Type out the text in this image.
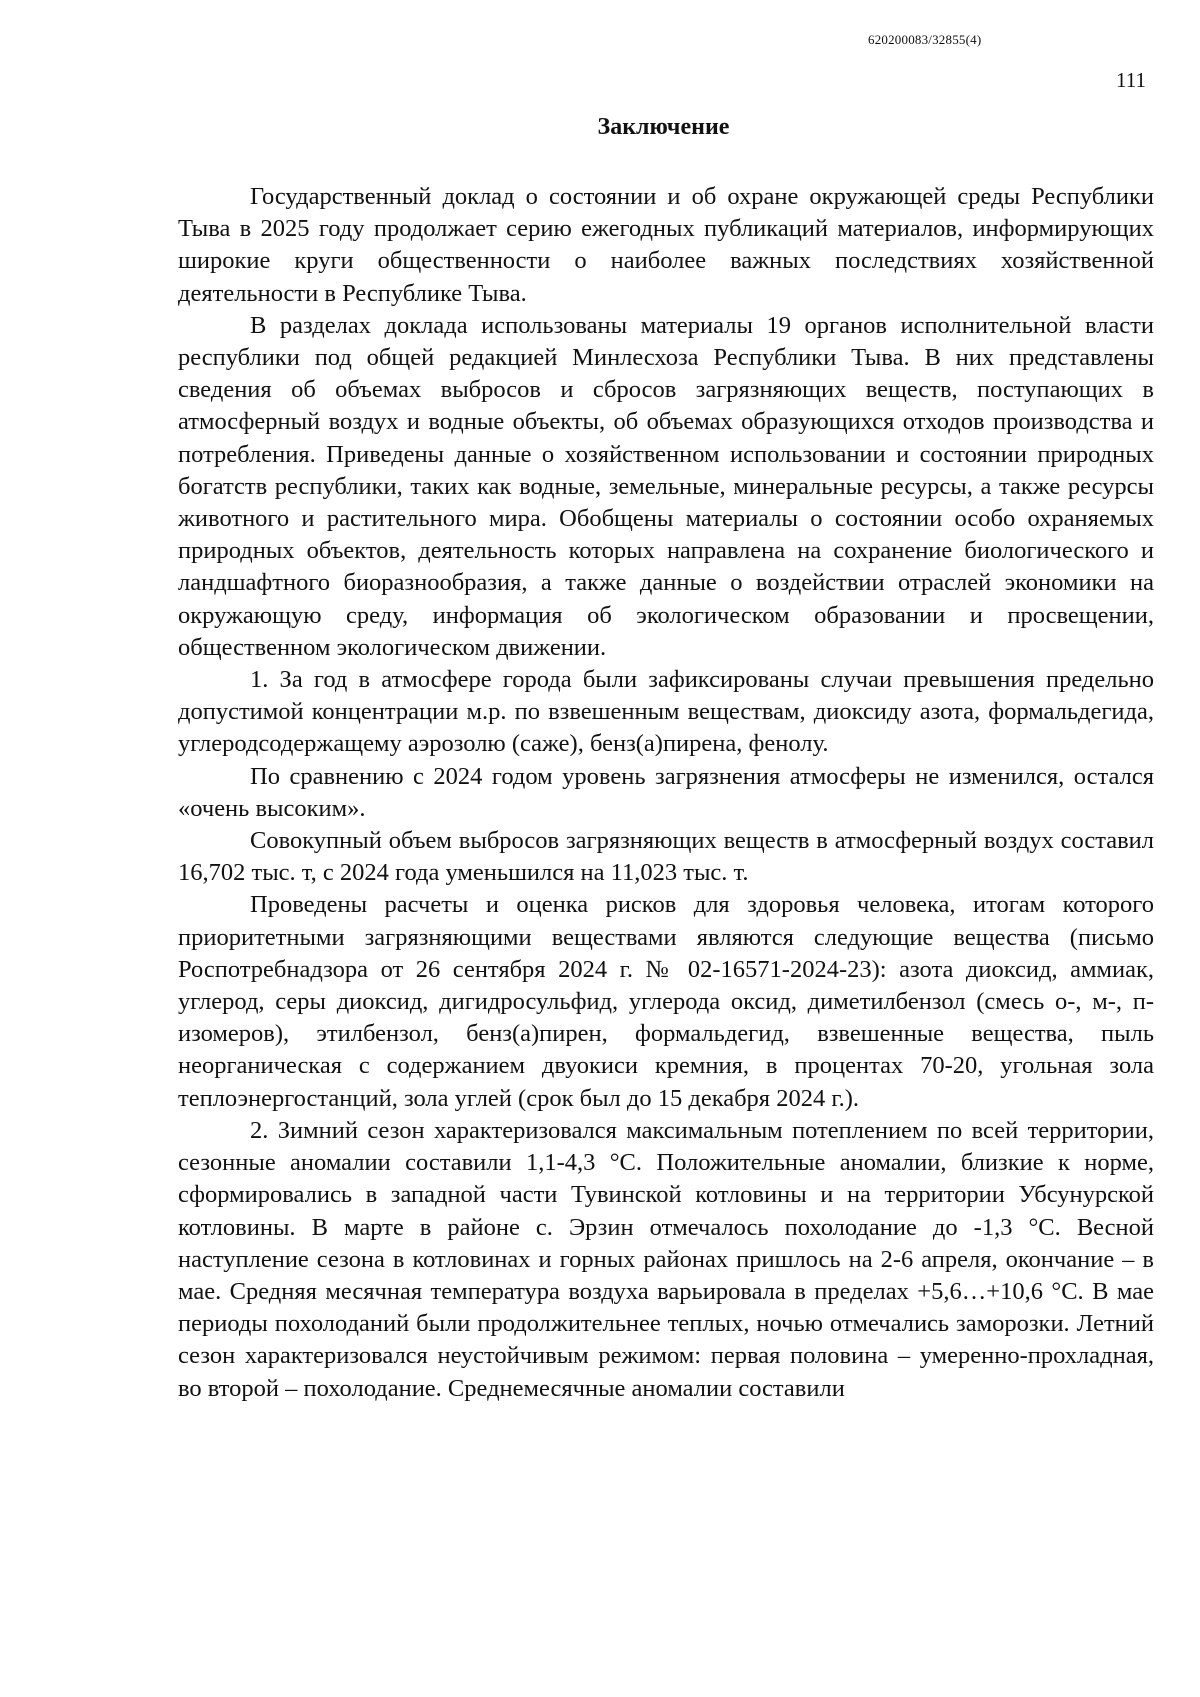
620200083/32855(4)
111
Заключение

Государственный доклад о состоянии и об охране окружающей среды Республики Тыва в 2025 году продолжает серию ежегодных публикаций материалов, информирующих широкие круги общественности о наиболее важных последствиях хозяйственной деятельности в Республике Тыва.

В разделах доклада использованы материалы 19 органов исполнительной власти республики под общей редакцией Минлесхоза Республики Тыва. В них представлены сведения об объемах выбросов и сбросов загрязняющих веществ, поступающих в атмосферный воздух и водные объекты, об объемах образующихся отходов производства и потребления. Приведены данные о хозяйственном использовании и состоянии природных богатств республики, таких как водные, земельные, минеральные ресурсы, а также ресурсы животного и растительного мира. Обобщены материалы о состоянии особо охраняемых природных объектов, деятельность которых направлена на сохранение биологического и ландшафтного биоразнообразия, а также данные о воздействии отраслей экономики на окружающую среду, информация об экологическом образовании и просвещении, общественном экологическом движении.

1. За год в атмосфере города были зафиксированы случаи превышения предельно допустимой концентрации м.р. по взвешенным веществам, диоксиду азота, формальдегида, углеродсодержащему аэрозолю (саже), бенз(а)пирена, фенолу.

По сравнению с 2024 годом уровень загрязнения атмосферы не изменился, остался «очень высоким».

Совокупный объем выбросов загрязняющих веществ в атмосферный воздух составил 16,702 тыс. т, с 2024 года уменьшился на 11,023 тыс. т.

Проведены расчеты и оценка рисков для здоровья человека, итогам которого приоритетными загрязняющими веществами являются следующие вещества (письмо Роспотребнадзора от 26 сентября 2024 г. № 02-16571-2024-23): азота диоксид, аммиак, углерод, серы диоксид, дигидросульфид, углерода оксид, диметилбензол (смесь о-, м-, п- изомеров), этилбензол, бенз(а)пирен, формальдегид, взвешенные вещества, пыль неорганическая с содержанием двуокиси кремния, в процентах 70-20, угольная зола теплоэнергостанций, зола углей (срок был до 15 декабря 2024 г.).

2. Зимний сезон характеризовался максимальным потеплением по всей территории, сезонные аномалии составили 1,1-4,3 °С. Положительные аномалии, близкие к норме, сформировались в западной части Тувинской котловины и на территории Убсунурской котловины. В марте в районе с. Эрзин отмечалось похолодание до -1,3 °С. Весной наступление сезона в котловинах и горных районах пришлось на 2-6 апреля, окончание – в мае. Средняя месячная температура воздуха варьировала в пределах +5,6…+10,6 °С. В мае периоды похолоданий были продолжительнее теплых, ночью отмечались заморозки. Летний сезон характеризовался неустойчивым режимом: первая половина – умеренно-прохладная, во второй – похолодание. Среднемесячные аномалии составили
